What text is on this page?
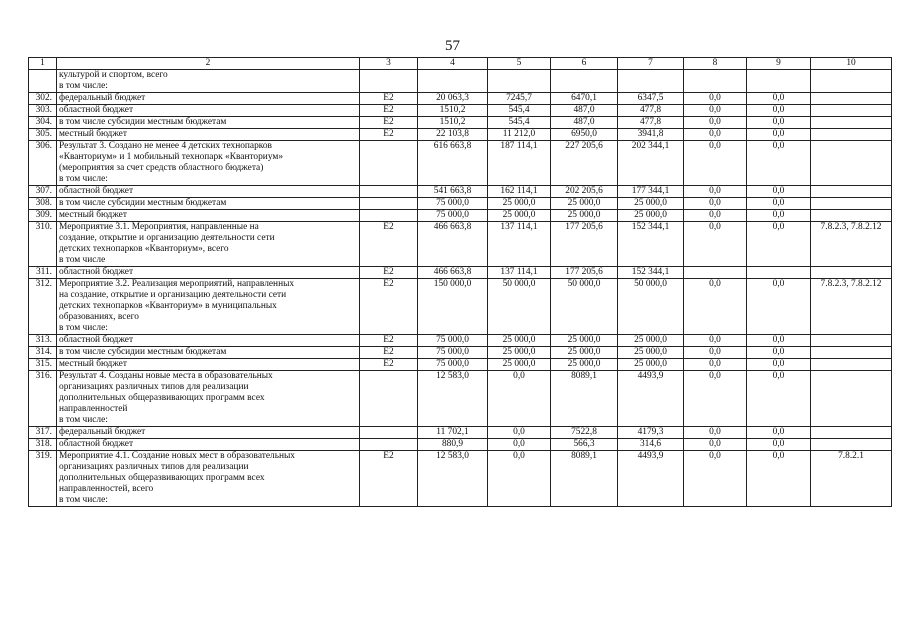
57
1	2	3	4	5	6	7	8	9	10
	культурой и спортом, всего
в том числе:								
302.	федеральный бюджет	E2	20 063,3	7245,7	6470,1	6347,5	0,0	0,0	
303.	областной бюджет	E2	1510,2	545,4	487,0	477,8	0,0	0,0	
304.	в том числе субсидии местным бюджетам	E2	1510,2	545,4	487,0	477,8	0,0	0,0	
305.	местный бюджет	E2	22 103,8	11 212,0	6950,0	3941,8	0,0	0,0	
306.	Результат 3. Создано не менее 4 детских технопарков
«Кванториум» и 1 мобильный технопарк «Кванториум»
(мероприятия за счет средств областного бюджета)
в том числе:		616 663,8	187 114,1	227 205,6	202 344,1	0,0	0,0	
307.	областной бюджет		541 663,8	162 114,1	202 205,6	177 344,1	0,0	0,0	
308.	в том числе субсидии местным бюджетам		75 000,0	25 000,0	25 000,0	25 000,0	0,0	0,0	
309.	местный бюджет		75 000,0	25 000,0	25 000,0	25 000,0	0,0	0,0	
310.	Мероприятие 3.1. Мероприятия, направленные на
создание, открытие и организацию деятельности сети
детских технопарков «Кванториум», всего
в том числе	E2	466 663,8	137 114,1	177 205,6	152 344,1	0,0	0,0	7.8.2.3, 7.8.2.12
311.	областной бюджет	E2	466 663,8	137 114,1	177 205,6	152 344,1			
312.	Мероприятие 3.2. Реализация мероприятий, направленных
на создание, открытие и организацию деятельности сети
детских технопарков «Кванториум» в муниципальных
образованиях, всего
в том числе:	E2	150 000,0	50 000,0	50 000,0	50 000,0	0,0	0,0	7.8.2.3, 7.8.2.12
313.	областной бюджет	E2	75 000,0	25 000,0	25 000,0	25 000,0	0,0	0,0	
314.	в том числе субсидии местным бюджетам	E2	75 000,0	25 000,0	25 000,0	25 000,0	0,0	0,0	
315.	местный бюджет	E2	75 000,0	25 000,0	25 000,0	25 000,0	0,0	0,0	
316.	Результат 4. Созданы новые места в образовательных
организациях различных типов для реализации
дополнительных общеразвивающих программ всех
направленностей
в том числе:		12 583,0	0,0	8089,1	4493,9	0,0	0,0	
317.	федеральный бюджет		11 702,1	0,0	7522,8	4179,3	0,0	0,0	
318.	областной бюджет		880,9	0,0	566,3	314,6	0,0	0,0	
319.	Мероприятие 4.1. Создание новых мест в образовательных
организациях различных типов для реализации
дополнительных общеразвивающих программ всех
направленностей, всего
в том числе:	E2	12 583,0	0,0	8089,1	4493,9	0,0	0,0	7.8.2.1
